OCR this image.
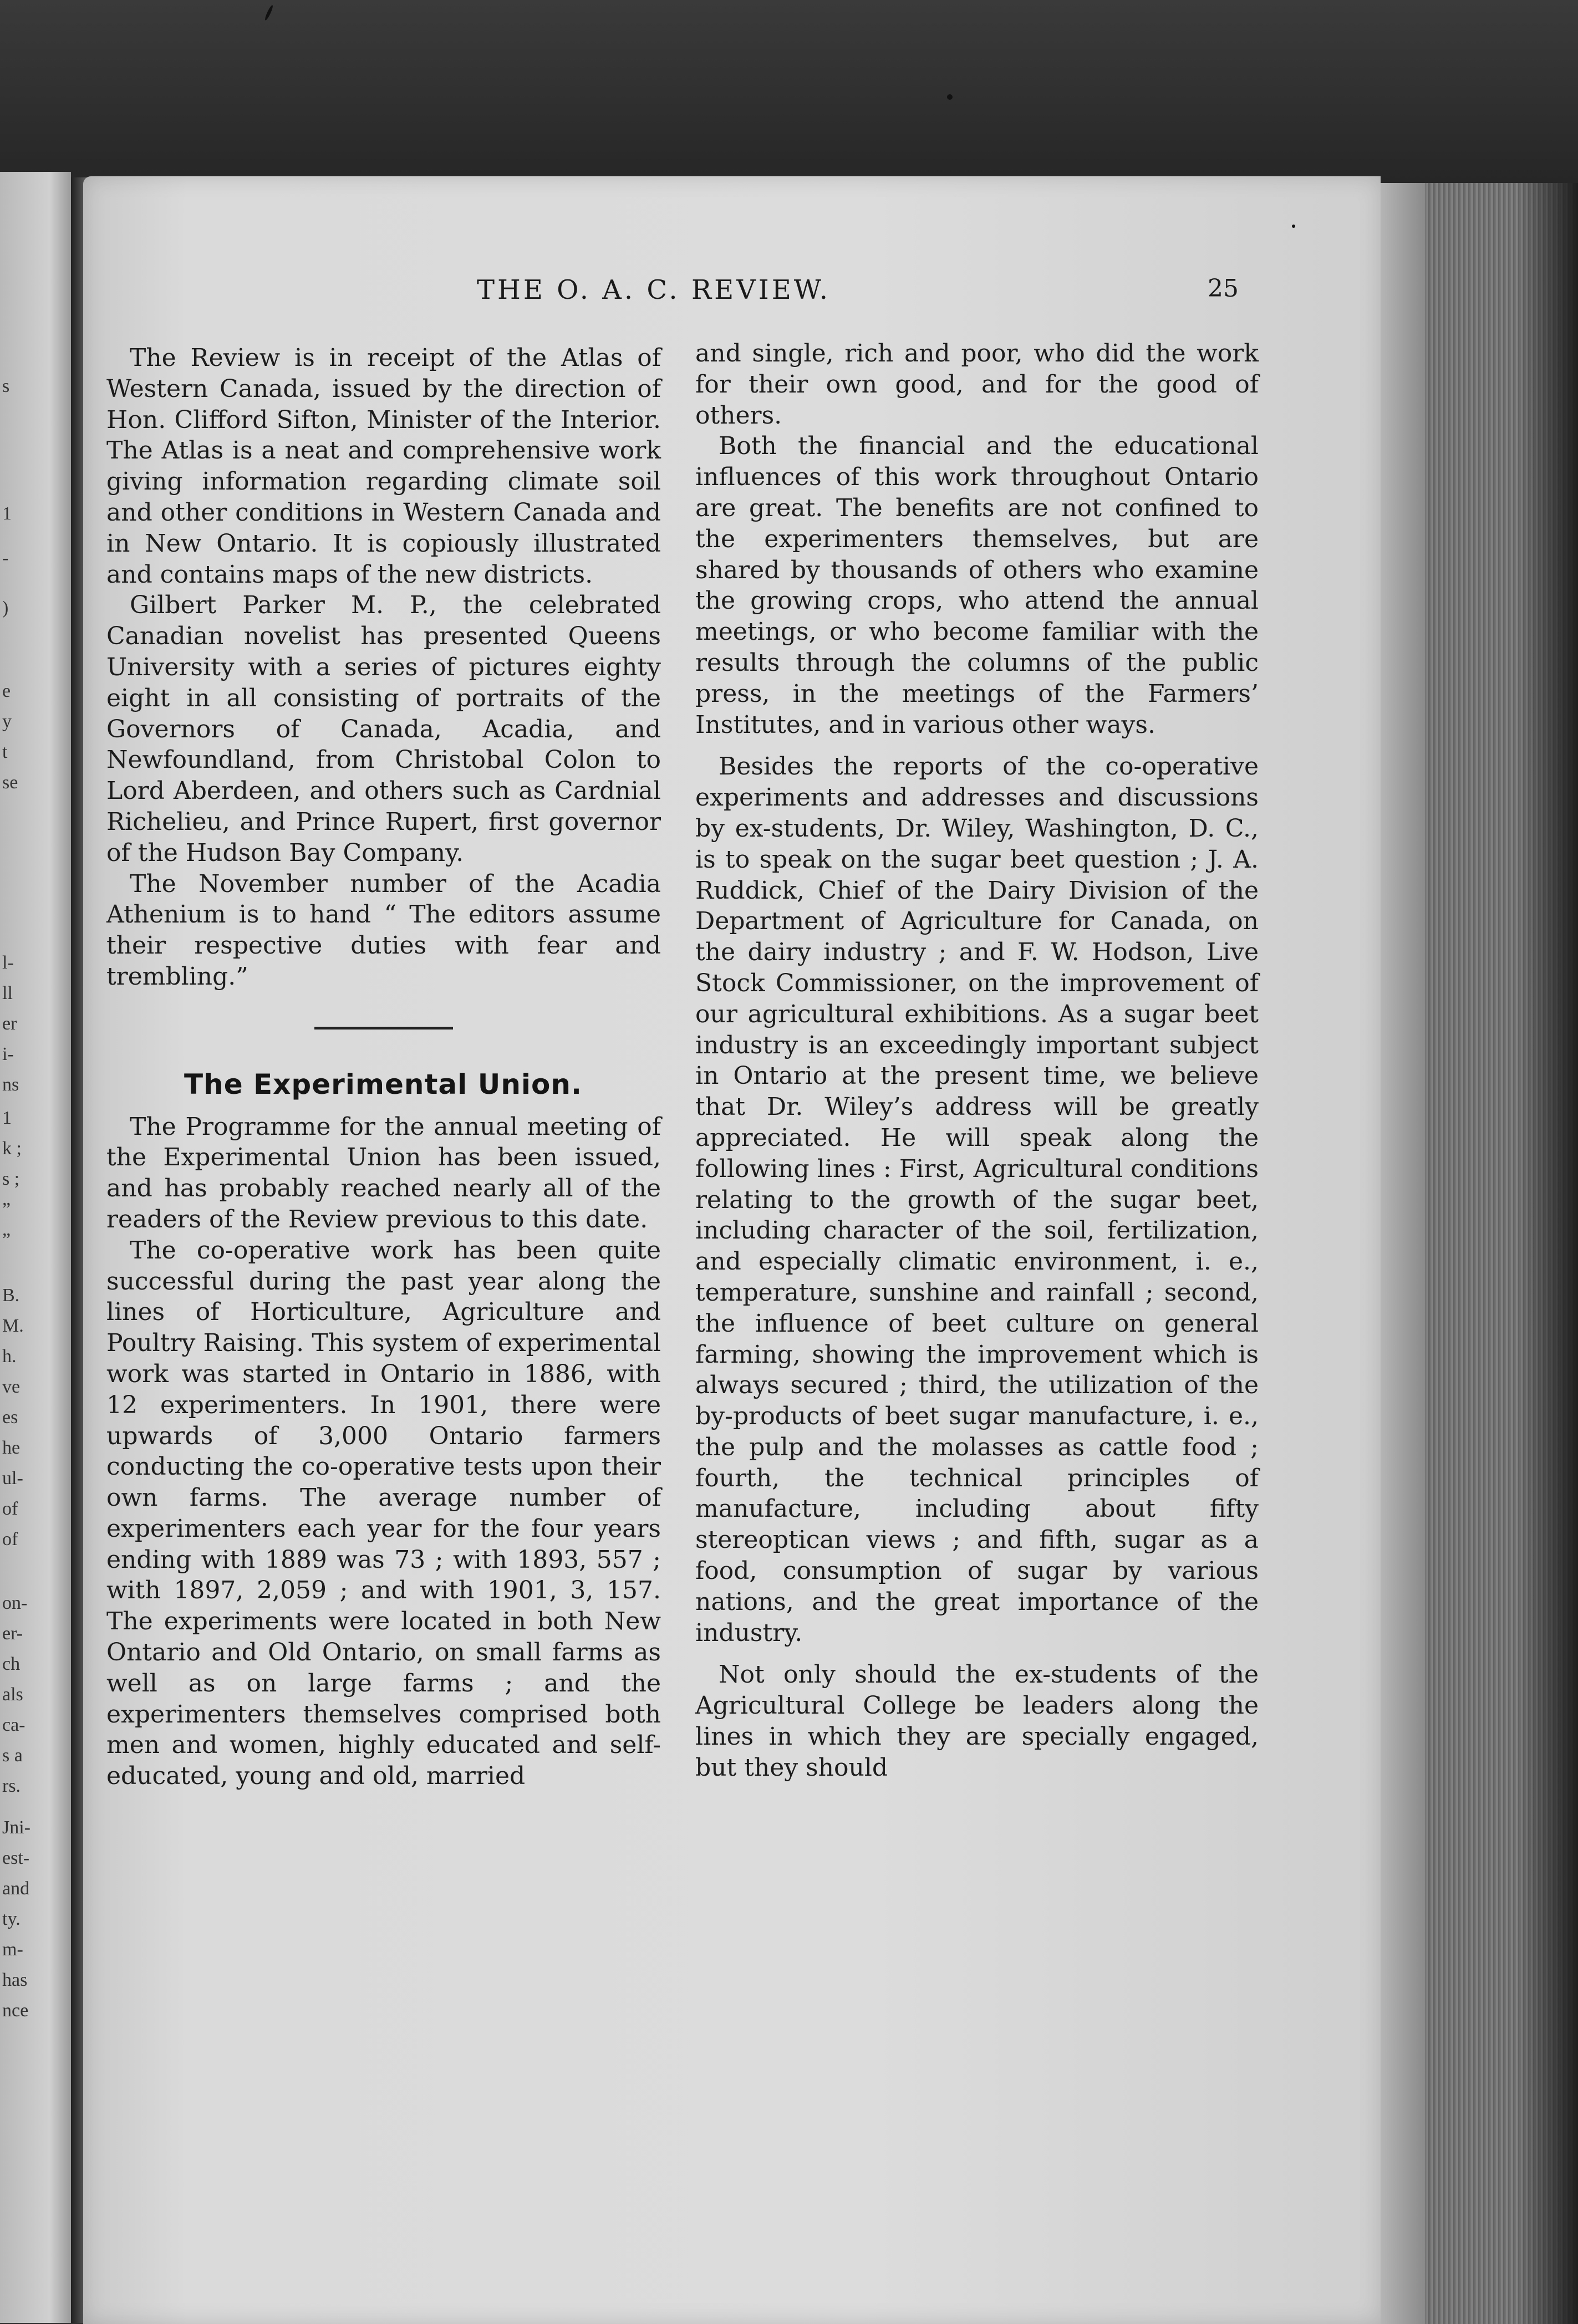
s
1
-
)
e
y
t
se
l-
ll
er
i-
ns
1
k ;
s ;
”
”
B.
M.
h.
ve
es
he
ul-
of
of
on-
er-
ch
als
ca-
s a
rs.
Jni-
est-
and
ty.
m-
has
nce
THE O. A. C. REVIEW.	25

The Review is in receipt of the Atlas of Western Canada, issued by the direction of Hon. Clifford Sifton, Minister of the Interior. The Atlas is a neat and comprehensive work giving information regarding climate soil and other conditions in Western Canada and in New Ontario. It is copiously illustrated and contains maps of the new districts.

Gilbert Parker M. P., the celebrated Canadian novelist has presented Queens University with a series of pictures eighty eight in all consisting of portraits of the Governors of Canada, Acadia, and Newfoundland, from Christobal Colon to Lord Aberdeen, and others such as Cardnial Richelieu, and Prince Rupert, first governor of the Hudson Bay Company.

The November number of the Acadia Athenium is to hand “ The editors assume their respective duties with fear and trembling.”

The Experimental Union.

The Programme for the annual meeting of the Experimental Union has been issued, and has probably reached nearly all of the readers of the Review previous to this date.

The co-operative work has been quite successful during the past year along the lines of Horticulture, Agriculture and Poultry Raising. This system of experimental work was started in Ontario in 1886, with 12 experimenters. In 1901, there were upwards of 3,000 Ontario farmers conducting the co-operative tests upon their own farms. The average number of experimenters each year for the four years ending with 1889 was 73 ; with 1893, 557 ; with 1897, 2,059 ; and with 1901, 3, 157. The experiments were located in both New Ontario and Old Ontario, on small farms as well as on large farms ; and the experimenters themselves comprised both men and women, highly educated and self-educated, young and old, married

and single, rich and poor, who did the work for their own good, and for the good of others.

Both the financial and the educational influences of this work throughout Ontario are great. The benefits are not confined to the experimenters themselves, but are shared by thousands of others who examine the growing crops, who attend the annual meetings, or who become familiar with the results through the columns of the public press, in the meetings of the Farmers’ Institutes, and in various other ways.

Besides the reports of the co-operative experiments and addresses and discussions by ex-students, Dr. Wiley, Washington, D. C., is to speak on the sugar beet question ; J. A. Ruddick, Chief of the Dairy Division of the Department of Agriculture for Canada, on the dairy industry ; and F. W. Hodson, Live Stock Commissioner, on the improvement of our agricultural exhibitions. As a sugar beet industry is an exceedingly important subject in Ontario at the present time, we believe that Dr. Wiley’s address will be greatly appreciated. He will speak along the following lines : First, Agricultural conditions relating to the growth of the sugar beet, including character of the soil, fertilization, and especially climatic environment, i. e., temperature, sunshine and rainfall ; second, the influence of beet culture on general farming, showing the improvement which is always secured ; third, the utilization of the by-products of beet sugar manufacture, i. e., the pulp and the molasses as cattle food ; fourth, the technical principles of manufacture, including about fifty stereoptican views ; and fifth, sugar as a food, consumption of sugar by various nations, and the great importance of the industry.

Not only should the ex-students of the Agricultural College be leaders along the lines in which they are specially engaged, but they should
